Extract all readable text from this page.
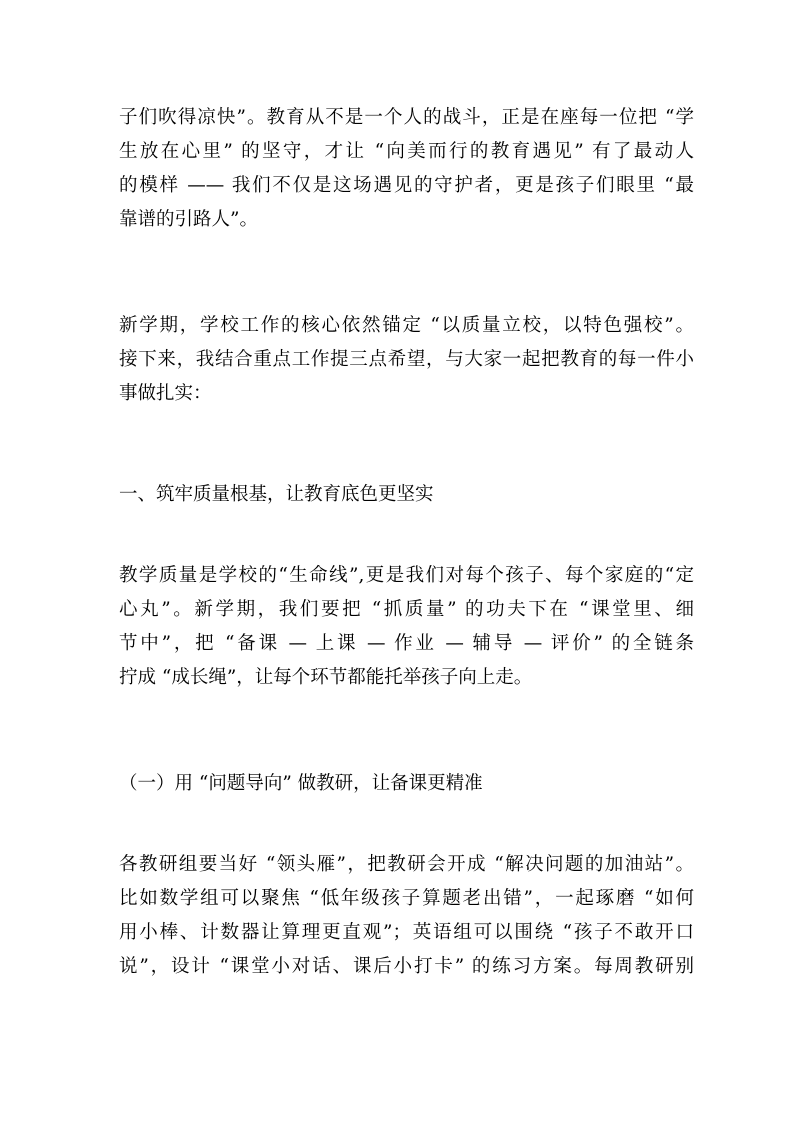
子们吹得凉快”。教育从不是一个人的战斗，正是在座每一位把 “学
生放在心里” 的坚守，才让 “向美而行的教育遇见” 有了最动人
的模样 —— 我们不仅是这场遇见的守护者，更是孩子们眼里 “最
靠谱的引路人”。
新学期，学校工作的核心依然锚定 “以质量立校，以特色强校”。
接下来，我结合重点工作提三点希望，与大家一起把教育的每一件小
事做扎实：
一、筑牢质量根基，让教育底色更坚实
教学质量是学校的“生命线”,更是我们对每个孩子、每个家庭的“定
心丸”。新学期，我们要把 “抓质量” 的功夫下在 “课堂里、细
节中”，把 “备课 — 上课 — 作业 — 辅导 — 评价” 的全链条
拧成 “成长绳”，让每个环节都能托举孩子向上走。
（一）用 “问题导向” 做教研，让备课更精准
各教研组要当好 “领头雁”，把教研会开成 “解决问题的加油站”。
比如数学组可以聚焦 “低年级孩子算题老出错”，一起琢磨 “如何
用小棒、计数器让算理更直观”；英语组可以围绕 “孩子不敢开口
说”，设计 “课堂小对话、课后小打卡” 的练习方案。每周教研别
